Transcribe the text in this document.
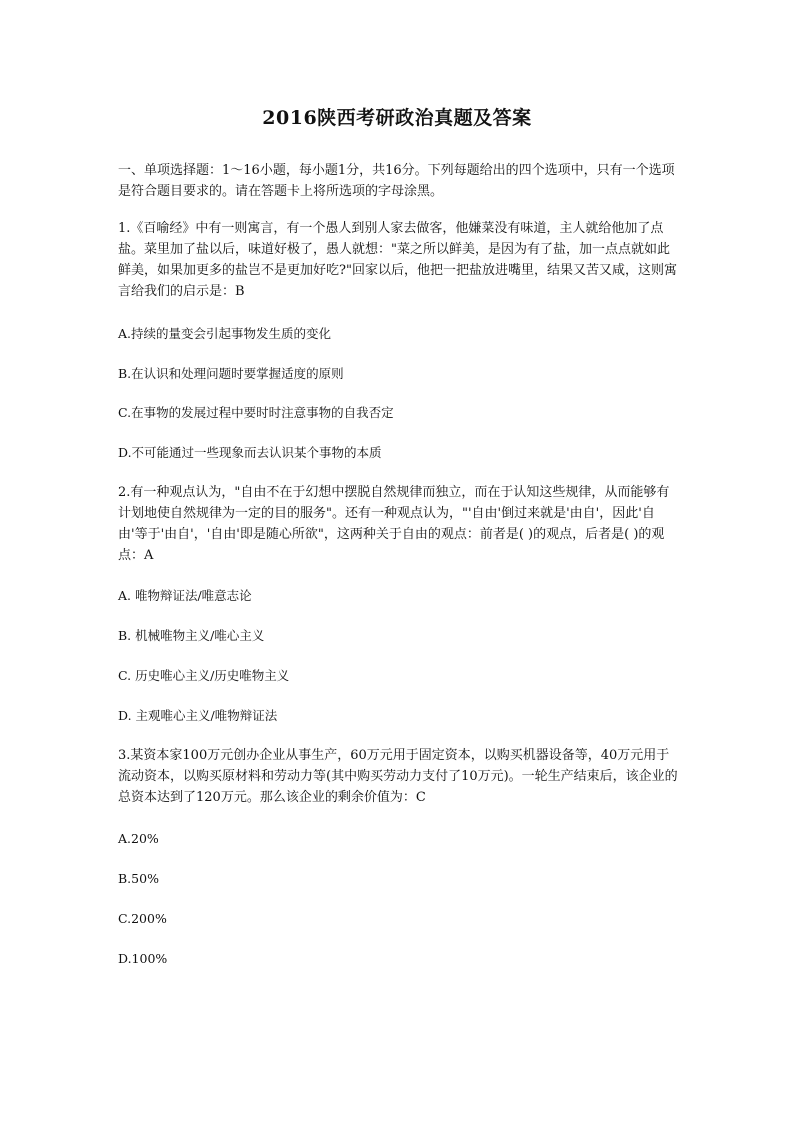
2016陕西考研政治真题及答案

一、单项选择题：1～16小题，每小题1分，共16分。下列每题给出的四个选项中，只有一个选项是符合题目要求的。请在答题卡上将所选项的字母涂黑。

1.《百喻经》中有一则寓言，有一个愚人到别人家去做客，他嫌菜没有味道，主人就给他加了点盐。菜里加了盐以后，味道好极了，愚人就想："菜之所以鲜美，是因为有了盐，加一点点就如此鲜美，如果加更多的盐岂不是更加好吃?"回家以后，他把一把盐放进嘴里，结果又苦又咸，这则寓言给我们的启示是：B

A.持续的量变会引起事物发生质的变化

B.在认识和处理问题时要掌握适度的原则

C.在事物的发展过程中要时时注意事物的自我否定

D.不可能通过一些现象而去认识某个事物的本质

2.有一种观点认为，"自由不在于幻想中摆脱自然规律而独立，而在于认知这些规律，从而能够有计划地使自然规律为一定的目的服务"。还有一种观点认为，"'自由'倒过来就是'由自'，因此'自由'等于'由自'，'自由'即是随心所欲"，这两种关于自由的观点：前者是( )的观点，后者是( )的观点：A

A. 唯物辩证法/唯意志论

B. 机械唯物主义/唯心主义

C. 历史唯心主义/历史唯物主义

D. 主观唯心主义/唯物辩证法

3.某资本家100万元创办企业从事生产，60万元用于固定资本，以购买机器设备等，40万元用于流动资本，以购买原材料和劳动力等(其中购买劳动力支付了10万元)。一轮生产结束后，该企业的总资本达到了120万元。那么该企业的剩余价值为：C

A.20%

B.50%

C.200%

D.100%
